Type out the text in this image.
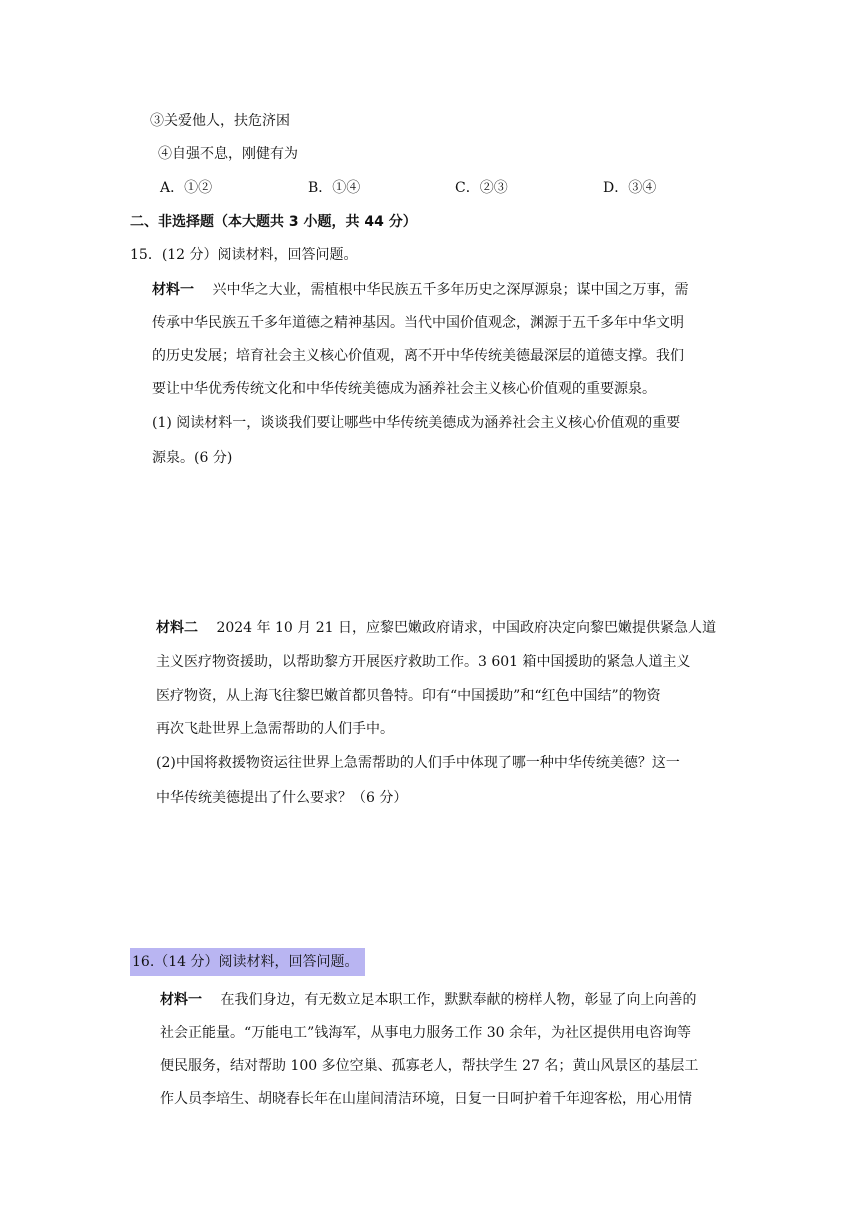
③关爱他人，扶危济困
④自强不息，刚健有为
A．①②	B．①④	C．②③	D．③④
二、非选择题（本大题共 3 小题，共 44 分）
15．(12 分）阅读材料，回答问题。
材料一 兴中华之大业，需植根中华民族五千多年历史之深厚源泉；谋中国之万事，需
传承中华民族五千多年道德之精神基因。当代中国价值观念，渊源于五千多年中华文明
的历史发展；培育社会主义核心价值观，离不开中华传统美德最深层的道德支撑。我们
要让中华优秀传统文化和中华传统美德成为涵养社会主义核心价值观的重要源泉。
(1) 阅读材料一，谈谈我们要让哪些中华传统美德成为涵养社会主义核心价值观的重要
源泉。(6 分)
材料二 2024 年 10 月 21 日，应黎巴嫩政府请求，中国政府决定向黎巴嫩提供紧急人道
主义医疗物资援助，以帮助黎方开展医疗救助工作。3 601 箱中国援助的紧急人道主义
医疗物资，从上海飞往黎巴嫩首都贝鲁特。印有“中国援助”和“红色中国结”的物资
再次飞赴世界上急需帮助的人们手中。
(2)中国将救援物资运往世界上急需帮助的人们手中体现了哪一种中华传统美德？这一
中华传统美德提出了什么要求？（6 分）
16.（14 分）阅读材料，回答问题。
材料一 在我们身边，有无数立足本职工作，默默奉献的榜样人物，彰显了向上向善的
社会正能量。“万能电工”钱海军，从事电力服务工作 30 余年，为社区提供用电咨询等
便民服务，结对帮助 100 多位空巢、孤寡老人，帮扶学生 27 名；黄山风景区的基层工
作人员李培生、胡晓春长年在山崖间清洁环境，日复一日呵护着千年迎客松，用心用情
